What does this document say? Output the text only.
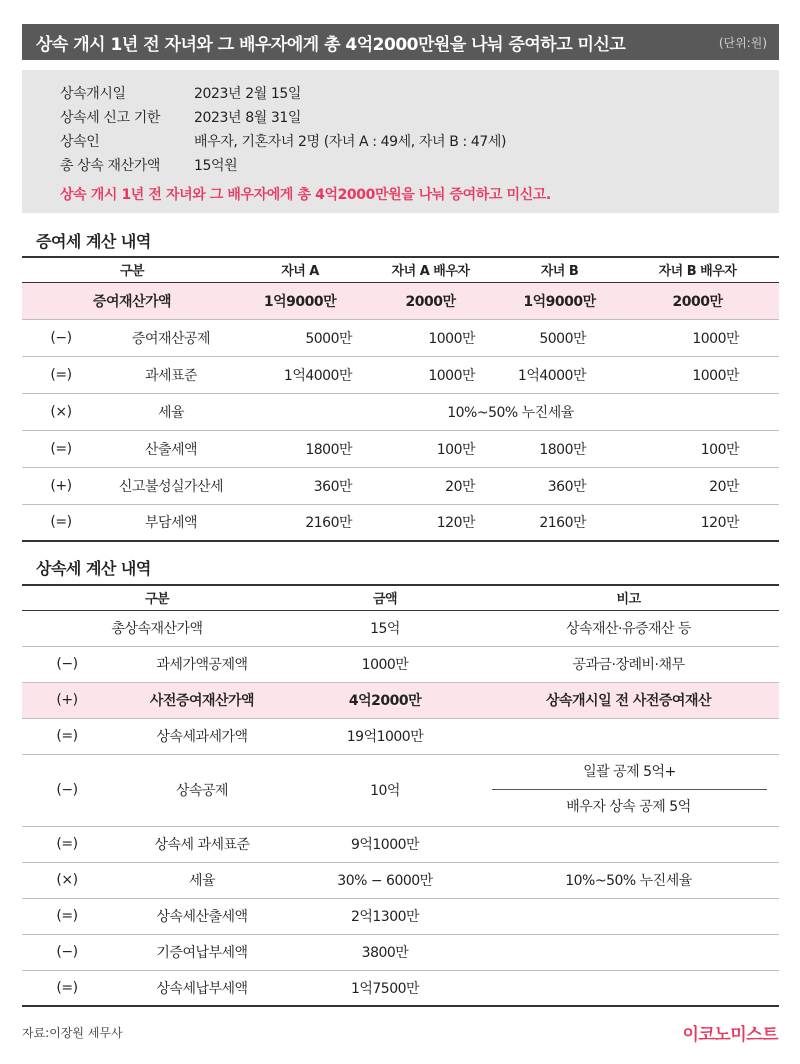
상속 개시 1년 전 자녀와 그 배우자에게 총 4억2000만원을 나눠 증여하고 미신고	(단위:원)
상속개시일	2023년 2월 15일
상속세 신고 기한	2023년 8월 31일
상속인	배우자, 기혼자녀 2명 (자녀 A : 49세, 자녀 B : 47세)
총 상속 재산가액	15억원
상속 개시 1년 전 자녀와 그 배우자에게 총 4억2000만원을 나눠 증여하고 미신고.
증여세 계산 내역
구분		자녀 A	자녀 A 배우자	자녀 B	자녀 B 배우자
증여재산가액		1억9000만	2000만	1억9000만	2000만
(−)	증여재산공제	5000만	1000만	5000만	1000만
(=)	과세표준	1억4000만	1000만	1억4000만	1000만
(×)	세율	10%~50% 누진세율			
(=)	산출세액	1800만	100만	1800만	100만
(+)	신고불성실가산세	360만	20만	360만	20만
(=)	부담세액	2160만	120만	2160만	120만
상속세 계산 내역
구분		금액	비고
총상속재산가액		15억	상속재산·유증재산 등
(−)	과세가액공제액	1000만	공과금·장례비·채무
(+)	사전증여재산가액	4억2000만	상속개시일 전 사전증여재산
(=)	상속세과세가액	19억1000만	
(−)	상속공제	10억	일괄 공제 5억+
배우자 상속 공제 5억

(=)	상속세 과세표준	9억1000만	
(×)	세율	30% − 6000만	10%~50% 누진세율
(=)	상속세산출세액	2억1300만	
(−)	기증여납부세액	3800만	
(=)	상속세납부세액	1억7500만	
자료:이장원 세무사	이코노미스트
